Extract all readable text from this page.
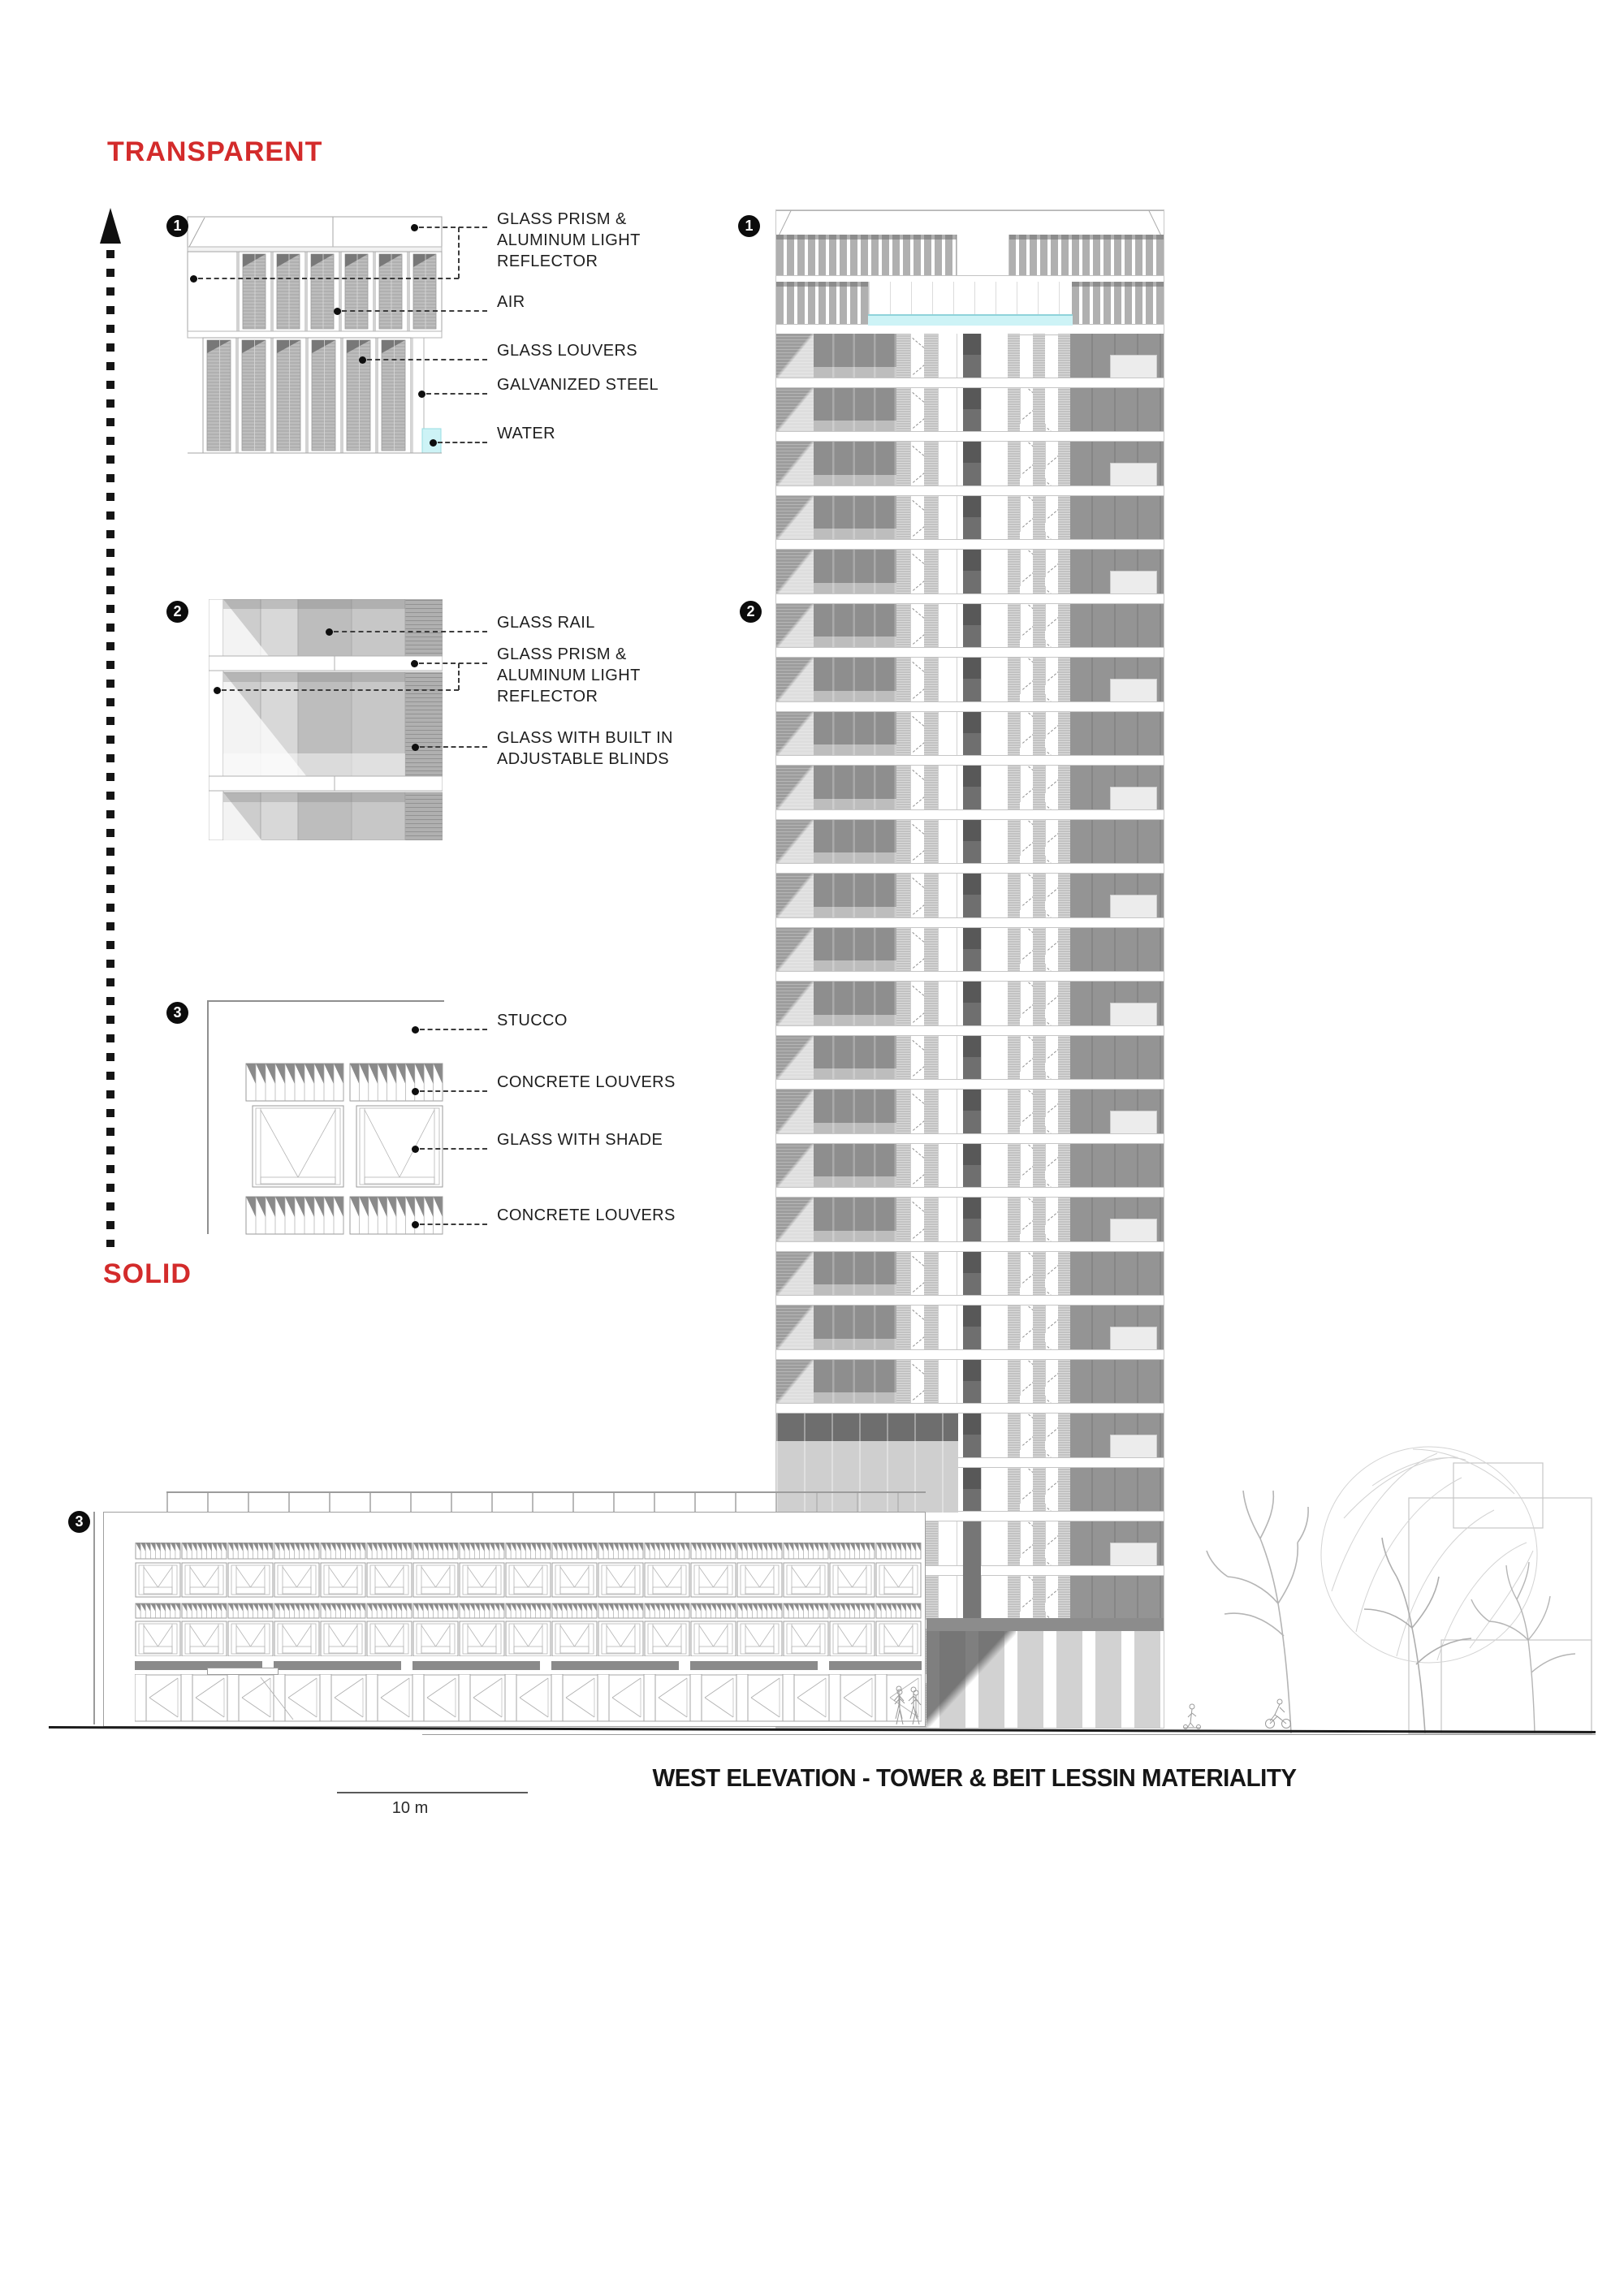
TRANSPARENT
SOLID
10 m
WEST ELEVATION - TOWER & BEIT LESSIN MATERIALITY
GLASS PRISM &
ALUMINUM LIGHT
REFLECTOR
AIR
GLASS LOUVERS
GALVANIZED STEEL
WATER
GLASS RAIL
GLASS PRISM &
ALUMINUM LIGHT
REFLECTOR
GLASS WITH BUILT IN
ADJUSTABLE BLINDS
STUCCO
CONCRETE LOUVERS
GLASS WITH SHADE
CONCRETE LOUVERS
1
2
3
1
2
3
